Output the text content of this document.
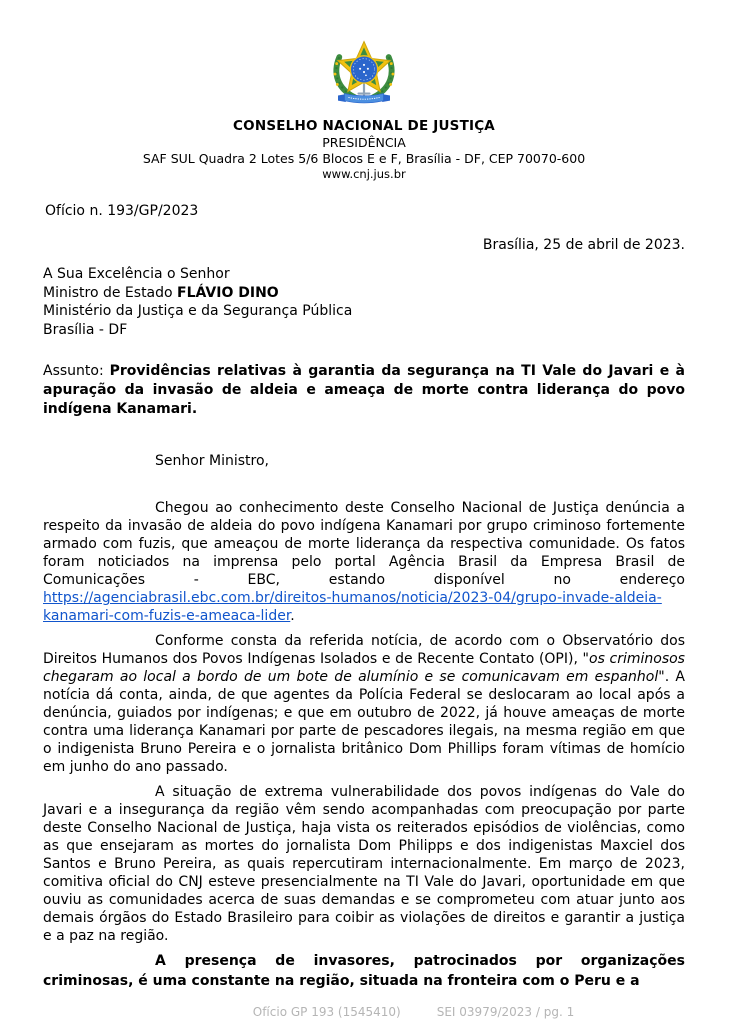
CONSELHO NACIONAL DE JUSTIÇA
PRESIDÊNCIA
SAF SUL Quadra 2 Lotes 5/6 Blocos E e F, Brasília - DF, CEP 70070-600
www.cnj.jus.br

Ofício n. 193/GP/2023

Brasília, 25 de abril de 2023.

A Sua Excelência o Senhor
Ministro de Estado FLÁVIO DINO
Ministério da Justiça e da Segurança Pública
Brasília - DF

Assunto: Providências relativas à garantia da segurança na TI Vale do Javari e à apuração da invasão de aldeia e ameaça de morte contra liderança do povo indígena Kanamari.

Senhor Ministro,

Chegou ao conhecimento deste Conselho Nacional de Justiça denúncia a respeito da invasão de aldeia do povo indígena Kanamari por grupo criminoso fortemente armado com fuzis, que ameaçou de morte liderança da respectiva comunidade. Os fatos foram noticiados na imprensa pelo portal Agência Brasil da Empresa Brasil de Comunicações - EBC, estando disponível no endereço https://agenciabrasil.ebc.com.br/direitos-humanos/noticia/2023-04/grupo-invade-aldeia-kanamari-com-fuzis-e-ameaca-lider.

Conforme consta da referida notícia, de acordo com o Observatório dos Direitos Humanos dos Povos Indígenas Isolados e de Recente Contato (OPI), "os criminosos chegaram ao local a bordo de um bote de alumínio e se comunicavam em espanhol". A notícia dá conta, ainda, de que agentes da Polícia Federal se deslocaram ao local após a denúncia, guiados por indígenas; e que em outubro de 2022, já houve ameaças de morte contra uma liderança Kanamari por parte de pescadores ilegais, na mesma região em que o indigenista Bruno Pereira e o jornalista britânico Dom Phillips foram vítimas de homício em junho do ano passado.

A situação de extrema vulnerabilidade dos povos indígenas do Vale do Javari e a insegurança da região vêm sendo acompanhadas com preocupação por parte deste Conselho Nacional de Justiça, haja vista os reiterados episódios de violências, como as que ensejaram as mortes do jornalista Dom Philipps e dos indigenistas Maxciel dos Santos e Bruno Pereira, as quais repercutiram internacionalmente. Em março de 2023, comitiva oficial do CNJ esteve presencialmente na TI Vale do Javari, oportunidade em que ouviu as comunidades acerca de suas demandas e se comprometeu com atuar junto aos demais órgãos do Estado Brasileiro para coibir as violações de direitos e garantir a justiça e a paz na região.

A presença de invasores, patrocinados por organizações criminosas, é uma constante na região, situada na fronteira com o Peru e a

Ofício GP 193 (1545410)	SEI 03979/2023 / pg. 1
